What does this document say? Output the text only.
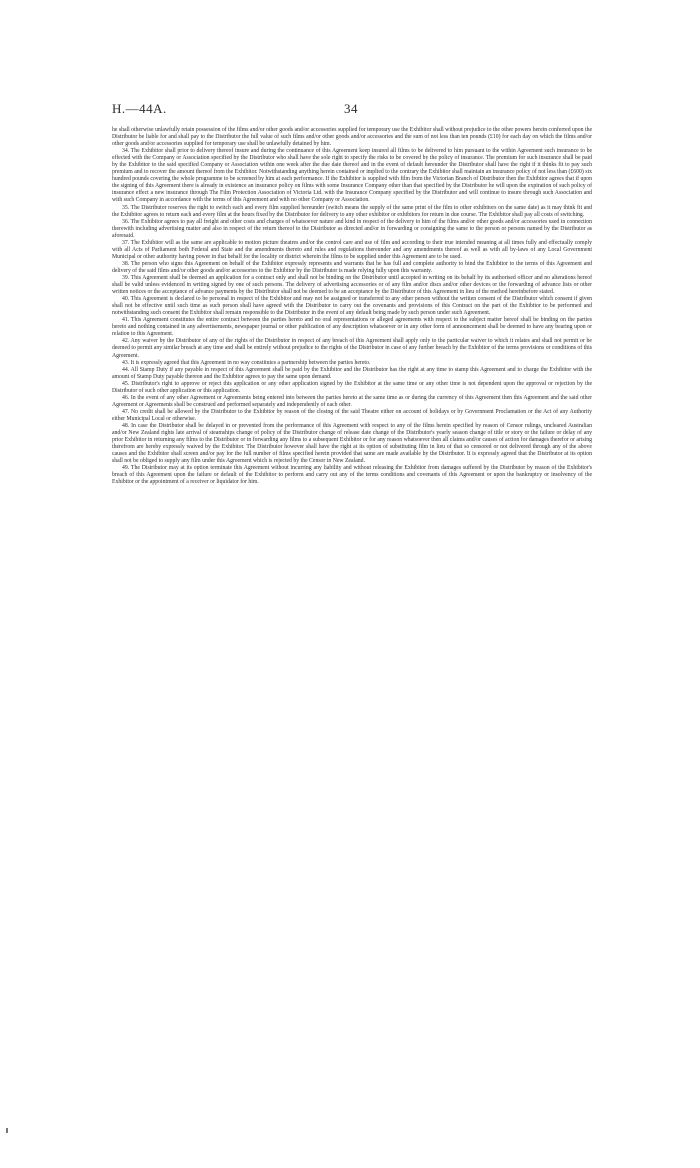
H.—44A.	34

he shall otherwise unlawfully retain possession of the films and/or other goods and/or accessories supplied for temporary use the Exhibitor shall without prejudice to the other powers herein conferred upon the Distributor be liable for and shall pay to the Distributor the full value of such films and/or other goods and/or accessories and the sum of not less than ten pounds (£10) for each day on which the films and/or other goods and/or accessories supplied for temporary use shall be unlawfully detained by him.

34. The Exhibitor shall prior to delivery thereof insure and during the continuance of this Agreement keep insured all films to be delivered to him pursuant to the within Agreement such insurance to be effected with the Company or Association specified by the Distributor who shall have the sole right to specify the risks to be covered by the policy of insurance. The premium for such insurance shall be paid by the Exhibitor to the said specified Company or Association within one week after the due date thereof and in the event of default hereunder the Distributor shall have the right if it thinks fit to pay such premium and to recover the amount thereof from the Exhibitor. Notwithstanding anything herein contained or implied to the contrary the Exhibitor shall maintain an insurance policy of not less than (£600) six hundred pounds covering the whole programme to be screened by him at each performance. If the Exhibitor is supplied with film from the Victorian Branch of Distributor then the Exhibitor agrees that if upon the signing of this Agreement there is already in existence an insurance policy on films with some Insurance Company other than that specified by the Distributor he will upon the expiration of such policy of insurance effect a new insurance through The Film Protection Association of Victoria Ltd. with the Insurance Company specified by the Distributor and will continue to insure through such Association and with such Company in accordance with the terms of this Agreement and with no other Company or Association.

35. The Distributor reserves the right to switch each and every film supplied hereunder (switch means the supply of the same print of the film to other exhibitors on the same date) as it may think fit and the Exhibitor agrees to return each and every film at the hours fixed by the Distributor for delivery to any other exhibitor or exhibitors for return in due course. The Exhibitor shall pay all costs of switching.

36. The Exhibitor agrees to pay all freight and other costs and charges of whatsoever nature and kind in respect of the delivery to him of the films and/or other goods and/or accessories used in connection therewith including advertising matter and also in respect of the return thereof to the Distributor as directed and/or in forwarding or consigning the same to the person or persons named by the Distributor as aforesaid.

37. The Exhibitor will as the same are applicable to motion picture theatres and/or the control care and use of film and according to their true intended meaning at all times fully and effectually comply with all Acts of Parliament both Federal and State and the amendments thereto and rules and regulations thereunder and any amendments thereof as well as with all by-laws of any Local Government Municipal or other authority having power in that behalf for the locality or district wherein the films to be supplied under this Agreement are to be used.

38. The person who signs this Agreement on behalf of the Exhibitor expressly represents and warrants that he has full and complete authority to bind the Exhibitor to the terms of this Agreement and delivery of the said films and/or other goods and/or accessories to the Exhibitor by the Distributor is made relying fully upon this warranty.

39. This Agreement shall be deemed an application for a contract only and shall not be binding on the Distributor until accepted in writing on its behalf by its authorised officer and no alterations hereof shall be valid unless evidenced in writing signed by one of such persons. The delivery of advertising accessories or of any film and/or discs and/or other devices or the forwarding of advance lists or other written notices or the acceptance of advance payments by the Distributor shall not be deemed to be an acceptance by the Distributor of this Agreement in lieu of the method hereinbefore stated.

40. This Agreement is declared to be personal in respect of the Exhibitor and may not be assigned or transferred to any other person without the written consent of the Distributor which consent if given shall not be effective until such time as such person shall have agreed with the Distributor to carry out the covenants and provisions of this Contract on the part of the Exhibitor to be performed and notwithstanding such consent the Exhibitor shall remain responsible to the Distributor in the event of any default being made by such person under such Agreement.

41. This Agreement constitutes the entire contract between the parties hereto and no oral representations or alleged agreements with respect to the subject matter hereof shall be binding on the parties hereto and nothing contained in any advertisements, newspaper journal or other publication of any description whatsoever or in any other form of announcement shall be deemed to have any bearing upon or relation to this Agreement.

42. Any waiver by the Distributor of any of the rights of the Distributor in respect of any breach of this Agreement shall apply only to the particular waiver to which it relates and shall not permit or be deemed to permit any similar breach at any time and shall be entirely without prejudice to the rights of the Distributor in case of any further breach by the Exhibitor of the terms provisions or conditions of this Agreement.

43. It is expressly agreed that this Agreement in no way constitutes a partnership between the parties hereto.

44. All Stamp Duty if any payable in respect of this Agreement shall be paid by the Exhibitor and the Distributor has the right at any time to stamp this Agreement and to charge the Exhibitor with the amount of Stamp Duty payable thereon and the Exhibitor agrees to pay the same upon demand.

45. Distributor's right to approve or reject this application or any other application signed by the Exhibitor at the same time or any other time is not dependent upon the approval or rejection by the Distributor of such other application or this application.

46. In the event of any other Agreement or Agreements being entered into between the parties hereto at the same time as or during the currency of this Agreement then this Agreement and the said other Agreement or Agreements shall be construed and performed separately and independently of each other.

47. No credit shall be allowed by the Distributor to the Exhibitor by reason of the closing of the said Theatre either on account of holidays or by Government Proclamation or the Act of any Authority either Municipal Local or otherwise.

48. In case the Distributor shall be delayed in or prevented from the performance of this Agreement with respect to any of the films herein specified by reason of Censor rulings, uncleared Australian and/or New Zealand rights late arrival of steamships change of policy of the Distributor change of release date change of the Distributor's yearly season change of title or story or the failure or delay of any prior Exhibitor in returning any films to the Distributor or in forwarding any films to a subsequent Exhibitor or for any reason whatsoever then all claims and/or causes of action for damages therefor or arising therefrom are hereby expressly waived by the Exhibitor. The Distributor however shall have the right at its option of substituting film in lieu of that so censored or not delivered through any of the above causes and the Exhibitor shall screen and/or pay for the full number of films specified herein provided that same are made available by the Distributor. It is expressly agreed that the Distributor at its option shall not be obliged to supply any film under this Agreement which is rejected by the Censor in New Zealand.

49. The Distributor may at its option terminate this Agreement without incurring any liability and without releasing the Exhibitor from damages suffered by the Distributor by reason of the Exhibitor's breach of this Agreement upon the failure or default of the Exhibitor to perform and carry out any of the terms conditions and covenants of this Agreement or upon the bankruptcy or insolvency of the Exhibitor or the appointment of a receiver or liquidator for him.
